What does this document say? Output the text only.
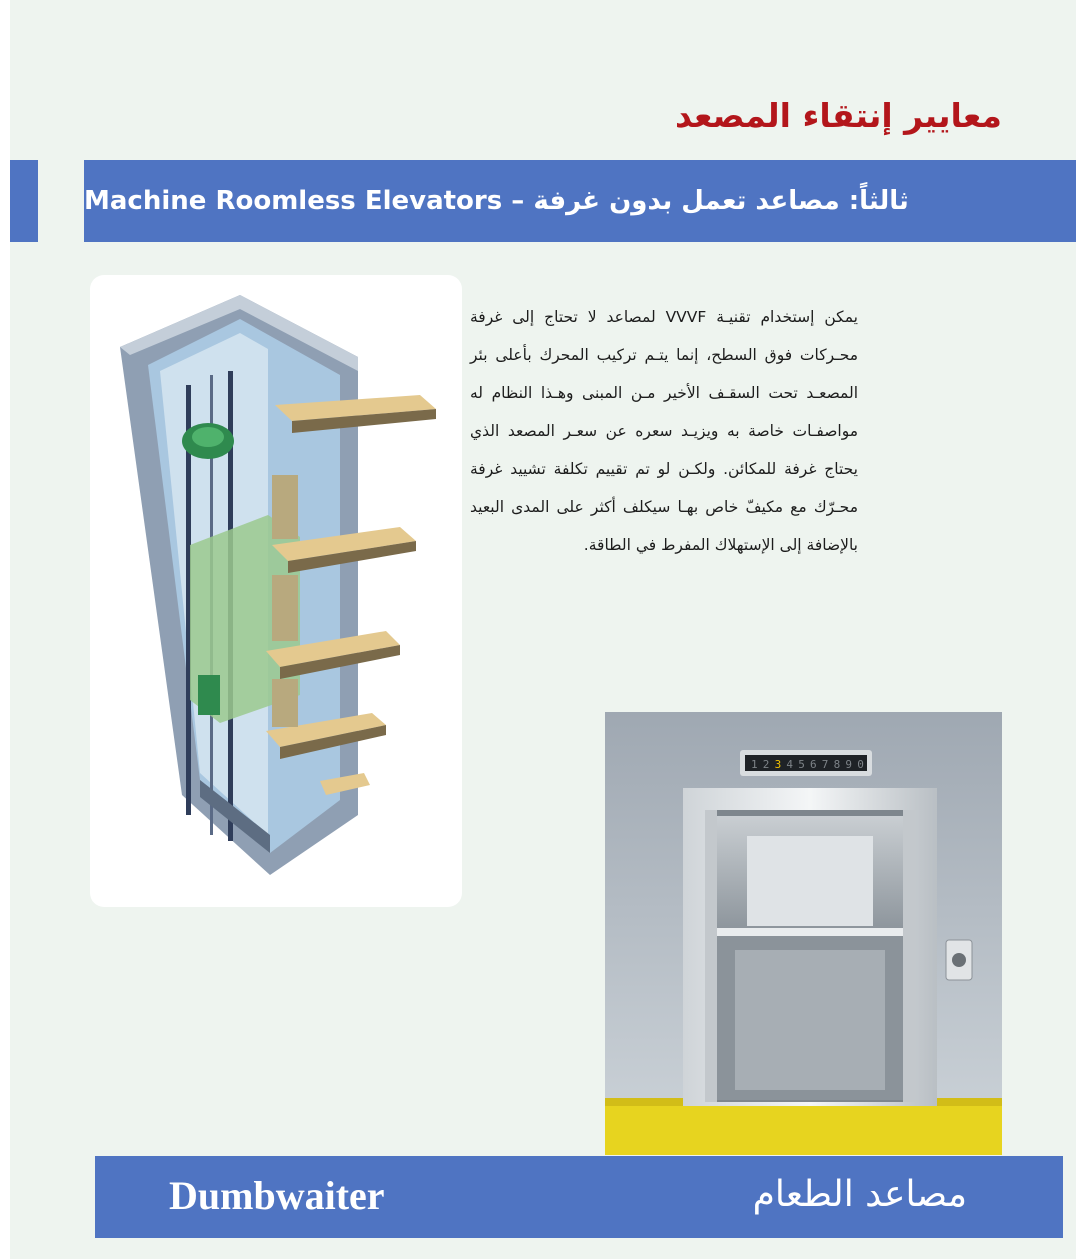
معايير إنتقاء المصعد
ثالثاً: مصاعد تعمل بدون غرفة – Machine Roomless Elevators
يمكن إستخدام تقنيـة VVVF لمصاعد لا تحتاج إلى غرفة محـركات فوق السطح، إنما يتـم تركيب المحرك بأعلى بئر المصعـد تحت السقـف الأخير مـن المبنى وهـذا النظام له مواصفـات خاصة به ويزيـد سعره عن سعـر المصعد الذي يحتاج غرفة للمكائن. ولكـن لو تم تقييم تكلفة تشييد غرفة محـرّك مع مكيفّ خاص بهـا سيكلف أكثر على المدى البعيد بالإضافة إلى الإستهلاك المفرط في الطاقة.
1 2 3 4 5 6 7 8 9 0
Dumbwaiter	مصاعد الطعام
